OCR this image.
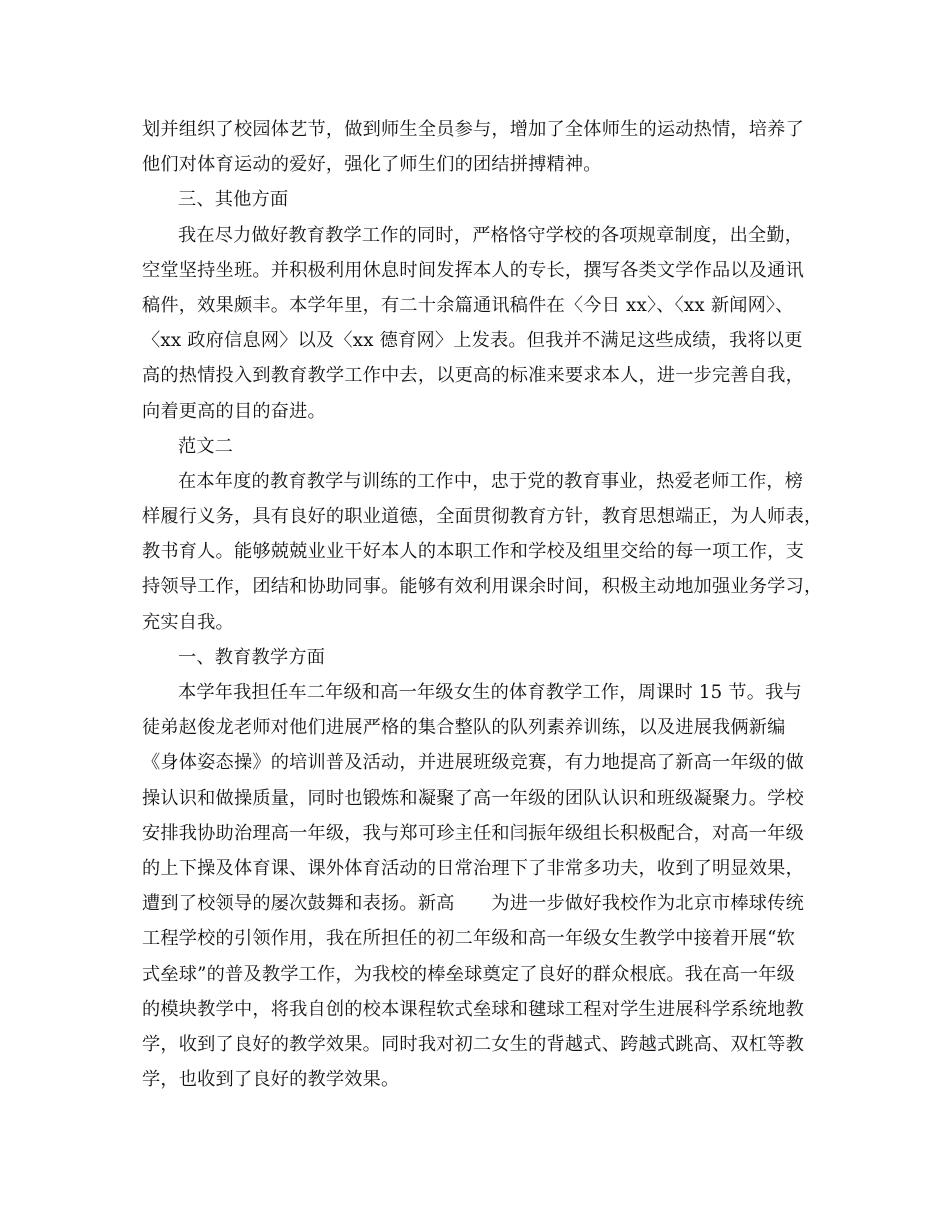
划并组织了校园体艺节，做到师生全员参与，增加了全体师生的运动热情，培养了
他们对体育运动的爱好，强化了师生们的团结拼搏精神。
三、其他方面
我在尽力做好教育教学工作的同时，严格恪守学校的各项规章制度，出全勤，
空堂坚持坐班。并积极利用休息时间发挥本人的专长，撰写各类文学作品以及通讯
稿件，效果颇丰。本学年里，有二十余篇通讯稿件在〈今日 xx〉、〈xx 新闻网〉、
〈xx 政府信息网〉以及〈xx 德育网〉上发表。但我并不满足这些成绩，我将以更
高的热情投入到教育教学工作中去，以更高的标准来要求本人，进一步完善自我，
向着更高的目的奋进。
范文二
在本年度的教育教学与训练的工作中，忠于党的教育事业，热爱老师工作，榜
样履行义务，具有良好的职业道德，全面贯彻教育方针，教育思想端正，为人师表，
教书育人。能够兢兢业业干好本人的本职工作和学校及组里交给的每一项工作，支
持领导工作，团结和协助同事。能够有效利用课余时间，积极主动地加强业务学习，
充实自我。
一、教育教学方面
本学年我担任车二年级和高一年级女生的体育教学工作，周课时 15 节。我与
徒弟赵俊龙老师对他们进展严格的集合整队的队列素养训练，以及进展我俩新编
《身体姿态操》的培训普及活动，并进展班级竞赛，有力地提高了新高一年级的做
操认识和做操质量，同时也锻炼和凝聚了高一年级的团队认识和班级凝聚力。学校
安排我协助治理高一年级，我与郑可珍主任和闫振年级组长积极配合，对高一年级
的上下操及体育课、课外体育活动的日常治理下了非常多功夫，收到了明显效果，
遭到了校领导的屡次鼓舞和表扬。新高　　为进一步做好我校作为北京市棒球传统
工程学校的引领作用，我在所担任的初二年级和高一年级女生教学中接着开展“软
式垒球”的普及教学工作，为我校的棒垒球奠定了良好的群众根底。我在高一年级
的模块教学中，将我自创的校本课程软式垒球和毽球工程对学生进展科学系统地教
学，收到了良好的教学效果。同时我对初二女生的背越式、跨越式跳高、双杠等教
学，也收到了良好的教学效果。
